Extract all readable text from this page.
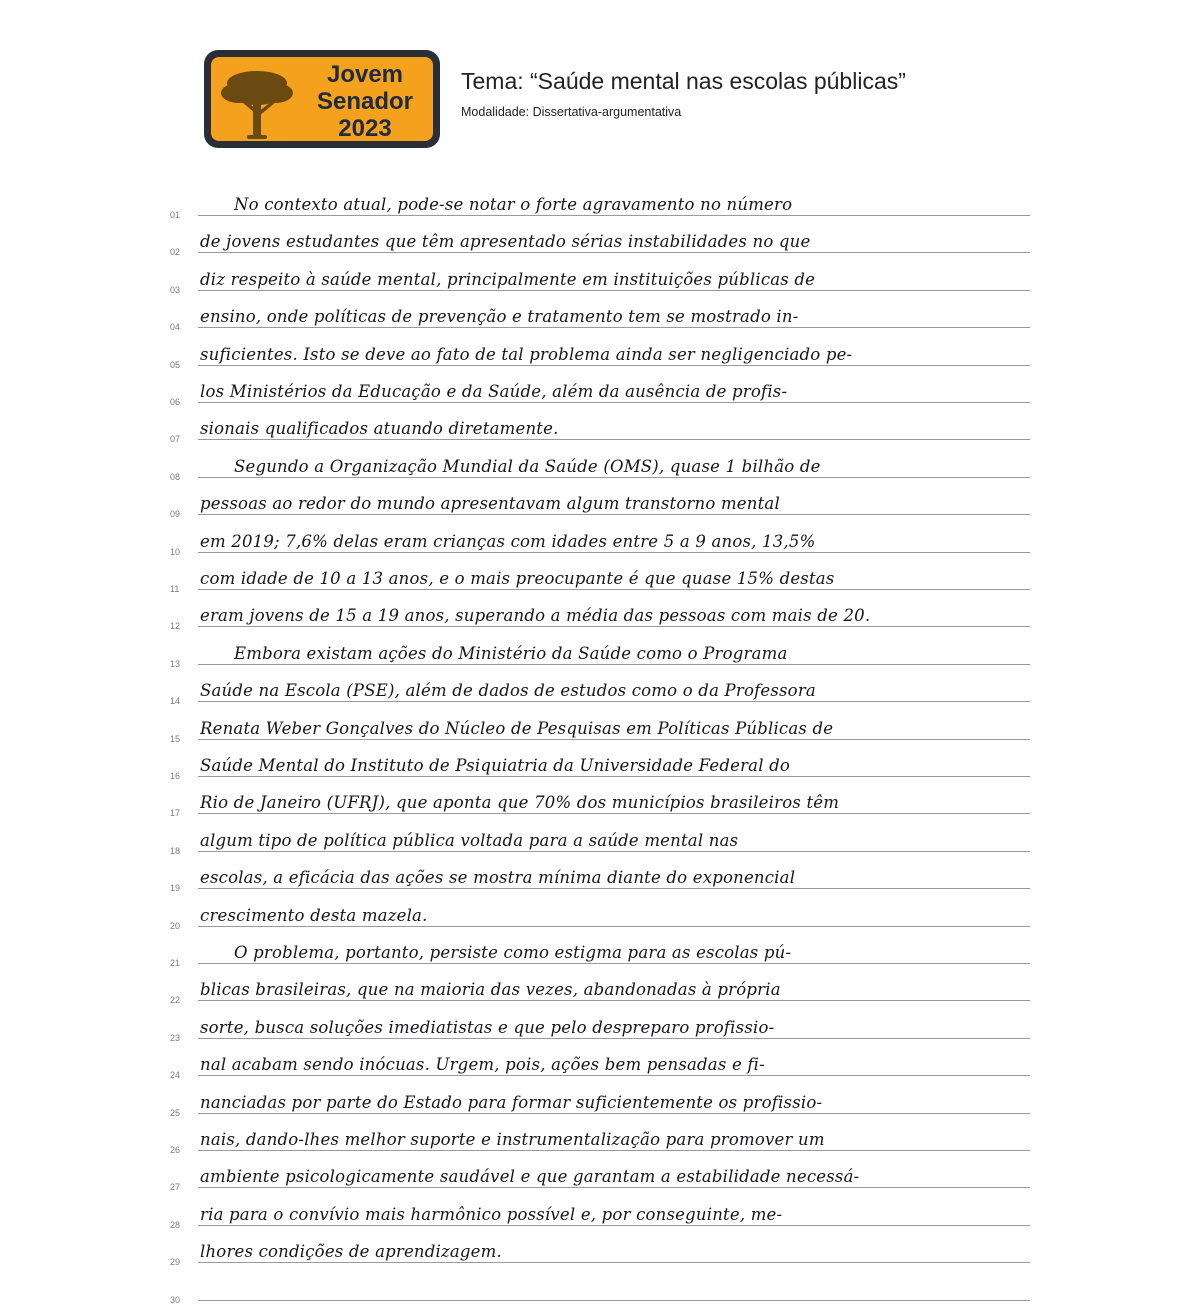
Jovem
Senador
2023
Tema: “Saúde mental nas escolas públicas”
Modalidade: Dissertativa-argumentativa
01
No contexto atual, pode-se notar o forte agravamento no número
02
de jovens estudantes que têm apresentado sérias instabilidades no que
03
diz respeito à saúde mental, principalmente em instituições públicas de
04
ensino, onde políticas de prevenção e tratamento tem se mostrado in-
05
suficientes. Isto se deve ao fato de tal problema ainda ser negligenciado pe-
06
los Ministérios da Educação e da Saúde, além da ausência de profis-
07
sionais qualificados atuando diretamente.
08
Segundo a Organização Mundial da Saúde (OMS), quase 1 bilhão de
09
pessoas ao redor do mundo apresentavam algum transtorno mental
10
em 2019; 7,6% delas eram crianças com idades entre 5 a 9 anos, 13,5%
11
com idade de 10 a 13 anos, e o mais preocupante é que quase 15% destas
12
eram jovens de 15 a 19 anos, superando a média das pessoas com mais de 20.
13
Embora existam ações do Ministério da Saúde como o Programa
14
Saúde na Escola (PSE), além de dados de estudos como o da Professora
15
Renata Weber Gonçalves do Núcleo de Pesquisas em Políticas Públicas de
16
Saúde Mental do Instituto de Psiquiatria da Universidade Federal do
17
Rio de Janeiro (UFRJ), que aponta que 70% dos municípios brasileiros têm
18
algum tipo de política pública voltada para a saúde mental nas
19
escolas, a eficácia das ações se mostra mínima diante do exponencial
20
crescimento desta mazela.
21
O problema, portanto, persiste como estigma para as escolas pú-
22
blicas brasileiras, que na maioria das vezes, abandonadas à própria
23
sorte, busca soluções imediatistas e que pelo despreparo profissio-
24
nal acabam sendo inócuas. Urgem, pois, ações bem pensadas e fi-
25
nanciadas por parte do Estado para formar suficientemente os profissio-
26
nais, dando-lhes melhor suporte e instrumentalização para promover um
27
ambiente psicologicamente saudável e que garantam a estabilidade necessá-
28
ria para o convívio mais harmônico possível e, por conseguinte, me-
29
lhores condições de aprendizagem.
30
